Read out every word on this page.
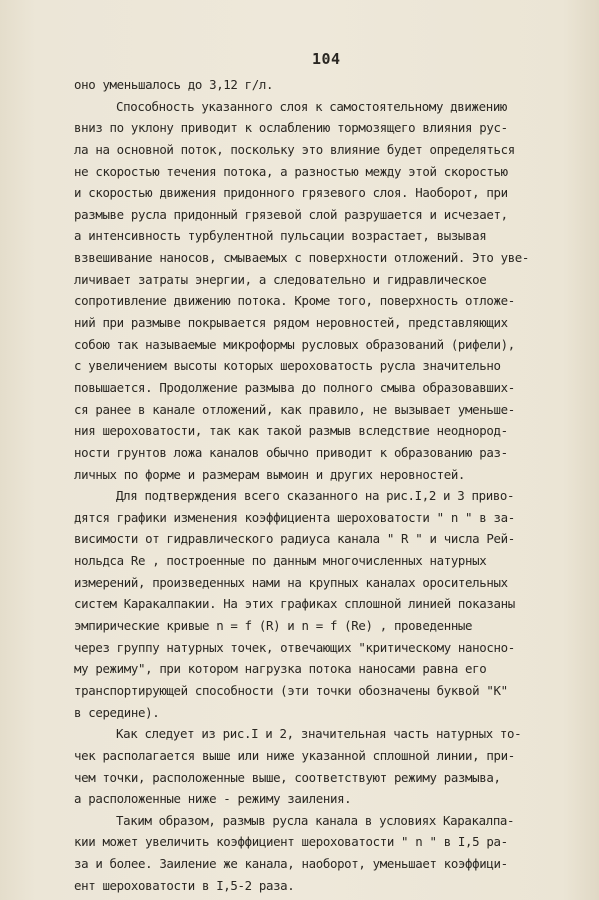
104
оно уменьшалось до 3,12 г/л.
Способность указанного слоя к самостоятельному движению
вниз по уклону приводит к ослаблению тормозящего влияния рус-
ла на основной поток, поскольку это влияние будет определяться
не скоростью течения потока, а разностью между этой скоростью
и скоростью движения придонного грязевого слоя. Наоборот, при
размыве русла придонный грязевой слой разрушается и исчезает,
а интенсивность турбулентной пульсации возрастает, вызывая
взвешивание наносов, смываемых с поверхности отложений. Это уве-
личивает затраты энергии, а следовательно и гидравлическое
сопротивление движению потока. Кроме того, поверхность отложе-
ний при размыве покрывается рядом неровностей, представляющих
собою так называемые микроформы русловых образований (рифели),
с увеличением высоты которых шероховатость русла значительно
повышается. Продолжение размыва до полного смыва образовавших-
ся ранее в канале отложений, как правило, не вызывает уменьше-
ния шероховатости, так как такой размыв вследствие неоднород-
ности грунтов ложа каналов обычно приводит к образованию раз-
личных по форме и размерам вымоин и других неровностей.
Для подтверждения всего сказанного на рис.I,2 и 3 приво-
дятся графики изменения коэффициента шероховатости " n " в за-
висимости от гидравлического радиуса канала " R " и числа Рей-
нольдса Re , построенные по данным многочисленных натурных
измерений, произведенных нами на крупных каналах оросительных
систем Каракалпакии. На этих графиках сплошной линией показаны
эмпирические кривые n = f (R) и n = f (Re) , проведенные
через группу натурных точек, отвечающих "критическому наносно-
му режиму", при котором нагрузка потока наносами равна его
транспортирующей способности (эти точки обозначены буквой "К"
в середине).
Как следует из рис.I и 2, значительная часть натурных то-
чек располагается выше или ниже указанной сплошной линии, при-
чем точки, расположенные выше, соответствуют режиму размыва,
а расположенные ниже - режиму заиления.
Таким образом, размыв русла канала в условиях Каракалпа-
кии может увеличить коэффициент шероховатости " n " в I,5 ра-
за и более. Заиление же канала, наоборот, уменьшает коэффици-
ент шероховатости в I,5-2 раза.
